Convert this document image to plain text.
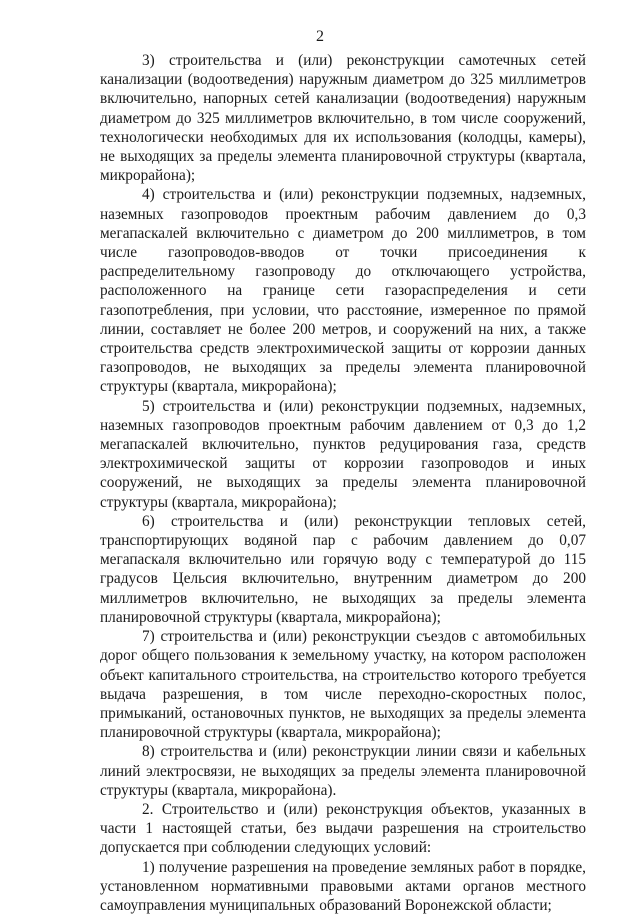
2

3) строительства и (или) реконструкции самотечных сетей канализации (водоотведения) наружным диаметром до 325 миллиметров включительно, напорных сетей канализации (водоотведения) наружным диаметром до 325 миллиметров включительно, в том числе сооружений, технологически необходимых для их использования (колодцы, камеры), не выходящих за пределы элемента планировочной структуры (квартала, микрорайона);

4) строительства и (или) реконструкции подземных, надземных, наземных газопроводов проектным рабочим давлением до 0,3 мегапаскалей включительно с диаметром до 200 миллиметров, в том числе газопроводов-вводов от точки присоединения к распределительному газопроводу до отключающего устройства, расположенного на границе сети газораспределения и сети газопотребления, при условии, что расстояние, измеренное по прямой линии, составляет не более 200 метров, и сооружений на них, а также строительства средств электрохимической защиты от коррозии данных газопроводов, не выходящих за пределы элемента планировочной структуры (квартала, микрорайона);

5) строительства и (или) реконструкции подземных, надземных, наземных газопроводов проектным рабочим давлением от 0,3 до 1,2 мегапаскалей включительно, пунктов редуцирования газа, средств электрохимической защиты от коррозии газопроводов и иных сооружений, не выходящих за пределы элемента планировочной структуры (квартала, микрорайона);

6) строительства и (или) реконструкции тепловых сетей, транспортирующих водяной пар с рабочим давлением до 0,07 мегапаскаля включительно или горячую воду с температурой до 115 градусов Цельсия включительно, внутренним диаметром до 200 миллиметров включительно, не выходящих за пределы элемента планировочной структуры (квартала, микрорайона);

7) строительства и (или) реконструкции съездов с автомобильных дорог общего пользования к земельному участку, на котором расположен объект капитального строительства, на строительство которого требуется выдача разрешения, в том числе переходно-скоростных полос, примыканий, остановочных пунктов, не выходящих за пределы элемента планировочной структуры (квартала, микрорайона);

8) строительства и (или) реконструкции линии связи и кабельных линий электросвязи, не выходящих за пределы элемента планировочной структуры (квартала, микрорайона).

2. Строительство и (или) реконструкция объектов, указанных в части 1 настоящей статьи, без выдачи разрешения на строительство допускается при соблюдении следующих условий:

1) получение разрешения на проведение земляных работ в порядке, установленном нормативными правовыми актами органов местного самоуправления муниципальных образований Воронежской области;
